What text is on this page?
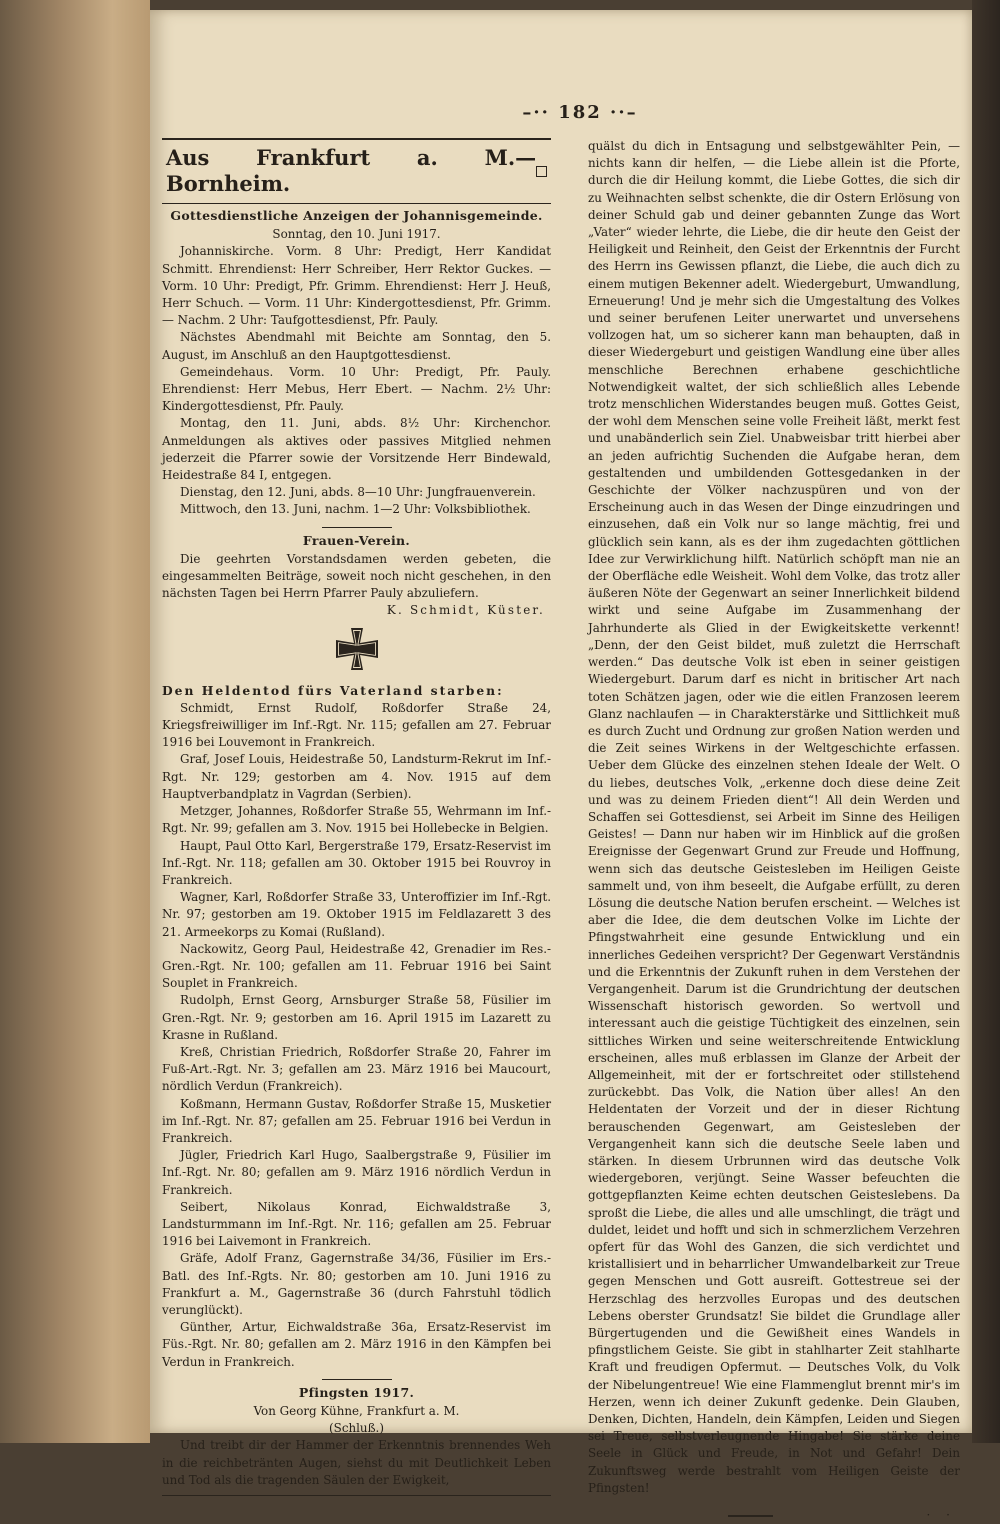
–·· 182 ··–
Aus Frankfurt a. M.—Bornheim.
Gottesdienstliche Anzeigen der Johannisgemeinde.

Sonntag, den 10. Juni 1917.

Johanniskirche. Vorm. 8 Uhr: Predigt, Herr Kandidat Schmitt. Ehrendienst: Herr Schreiber, Herr Rektor Guckes. — Vorm. 10 Uhr: Predigt, Pfr. Grimm. Ehrendienst: Herr J. Heuß, Herr Schuch. — Vorm. 11 Uhr: Kindergottesdienst, Pfr. Grimm. — Nachm. 2 Uhr: Taufgottesdienst, Pfr. Pauly.

Nächstes Abendmahl mit Beichte am Sonntag, den 5. August, im Anschluß an den Hauptgottesdienst.

Gemeindehaus. Vorm. 10 Uhr: Predigt, Pfr. Pauly. Ehrendienst: Herr Mebus, Herr Ebert. — Nachm. 2½ Uhr: Kindergottesdienst, Pfr. Pauly.

Montag, den 11. Juni, abds. 8½ Uhr: Kirchenchor. Anmeldungen als aktives oder passives Mitglied nehmen jederzeit die Pfarrer sowie der Vorsitzende Herr Bindewald, Heidestraße 84 I, entgegen.

Dienstag, den 12. Juni, abds. 8—10 Uhr: Jungfrauenverein.

Mittwoch, den 13. Juni, nachm. 1—2 Uhr: Volksbibliothek.

Frauen-Verein.

Die geehrten Vorstandsdamen werden gebeten, die eingesammelten Beiträge, soweit noch nicht geschehen, in den nächsten Tagen bei Herrn Pfarrer Pauly abzuliefern.

K. Schmidt, Küster.

Den Heldentod fürs Vaterland starben:

Schmidt, Ernst Rudolf, Roßdorfer Straße 24, Kriegsfreiwilliger im Inf.-Rgt. Nr. 115; gefallen am 27. Februar 1916 bei Louvemont in Frankreich.

Graf, Josef Louis, Heidestraße 50, Landsturm-Rekrut im Inf.-Rgt. Nr. 129; gestorben am 4. Nov. 1915 auf dem Hauptverbandplatz in Vagrdan (Serbien).

Metzger, Johannes, Roßdorfer Straße 55, Wehrmann im Inf.-Rgt. Nr. 99; gefallen am 3. Nov. 1915 bei Hollebecke in Belgien.

Haupt, Paul Otto Karl, Bergerstraße 179, Ersatz-Reservist im Inf.-Rgt. Nr. 118; gefallen am 30. Oktober 1915 bei Rouvroy in Frankreich.

Wagner, Karl, Roßdorfer Straße 33, Unteroffizier im Inf.-Rgt. Nr. 97; gestorben am 19. Oktober 1915 im Feldlazarett 3 des 21. Armeekorps zu Komai (Rußland).

Nackowitz, Georg Paul, Heidestraße 42, Grenadier im Res.-Gren.-Rgt. Nr. 100; gefallen am 11. Februar 1916 bei Saint Souplet in Frankreich.

Rudolph, Ernst Georg, Arnsburger Straße 58, Füsilier im Gren.-Rgt. Nr. 9; gestorben am 16. April 1915 im Lazarett zu Krasne in Rußland.

Kreß, Christian Friedrich, Roßdorfer Straße 20, Fahrer im Fuß-Art.-Rgt. Nr. 3; gefallen am 23. März 1916 bei Maucourt, nördlich Verdun (Frankreich).

Koßmann, Hermann Gustav, Roßdorfer Straße 15, Musketier im Inf.-Rgt. Nr. 87; gefallen am 25. Februar 1916 bei Verdun in Frankreich.

Jügler, Friedrich Karl Hugo, Saalbergstraße 9, Füsilier im Inf.-Rgt. Nr. 80; gefallen am 9. März 1916 nördlich Verdun in Frankreich.

Seibert, Nikolaus Konrad, Eichwaldstraße 3, Landsturmmann im Inf.-Rgt. Nr. 116; gefallen am 25. Februar 1916 bei Laivemont in Frankreich.

Gräfe, Adolf Franz, Gagernstraße 34/36, Füsilier im Ers.-Batl. des Inf.-Rgts. Nr. 80; gestorben am 10. Juni 1916 zu Frankfurt a. M., Gagernstraße 36 (durch Fahrstuhl tödlich verunglückt).

Günther, Artur, Eichwaldstraße 36a, Ersatz-Reservist im Füs.-Rgt. Nr. 80; gefallen am 2. März 1916 in den Kämpfen bei Verdun in Frankreich.

Pfingsten 1917.

Von Georg Kühne, Frankfurt a. M.

(Schluß.)

Und treibt dir der Hammer der Erkenntnis brennendes Weh in die reichbetränten Augen, siehst du mit Deutlichkeit Leben und Tod als die tragenden Säulen der Ewigkeit,

quälst du dich in Entsagung und selbstgewählter Pein, — nichts kann dir helfen, — die Liebe allein ist die Pforte, durch die dir Heilung kommt, die Liebe Gottes, die sich dir zu Weihnachten selbst schenkte, die dir Ostern Erlösung von deiner Schuld gab und deiner gebannten Zunge das Wort „Vater“ wieder lehrte, die Liebe, die dir heute den Geist der Heiligkeit und Reinheit, den Geist der Erkenntnis der Furcht des Herrn ins Gewissen pflanzt, die Liebe, die auch dich zu einem mutigen Bekenner adelt. Wiedergeburt, Umwandlung, Erneuerung! Und je mehr sich die Umgestaltung des Volkes und seiner berufenen Leiter unerwartet und unversehens vollzogen hat, um so sicherer kann man behaupten, daß in dieser Wiedergeburt und geistigen Wandlung eine über alles menschliche Berechnen erhabene geschichtliche Notwendigkeit waltet, der sich schließlich alles Lebende trotz menschlichen Widerstandes beugen muß. Gottes Geist, der wohl dem Menschen seine volle Freiheit läßt, merkt fest und unabänderlich sein Ziel. Unabweisbar tritt hierbei aber an jeden aufrichtig Suchenden die Aufgabe heran, dem gestaltenden und umbildenden Gottesgedanken in der Geschichte der Völker nachzuspüren und von der Erscheinung auch in das Wesen der Dinge einzudringen und einzusehen, daß ein Volk nur so lange mächtig, frei und glücklich sein kann, als es der ihm zugedachten göttlichen Idee zur Verwirklichung hilft. Natürlich schöpft man nie an der Oberfläche edle Weisheit. Wohl dem Volke, das trotz aller äußeren Nöte der Gegenwart an seiner Innerlichkeit bildend wirkt und seine Aufgabe im Zusammenhang der Jahrhunderte als Glied in der Ewigkeitskette verkennt! „Denn, der den Geist bildet, muß zuletzt die Herrschaft werden.“ Das deutsche Volk ist eben in seiner geistigen Wiedergeburt. Darum darf es nicht in britischer Art nach toten Schätzen jagen, oder wie die eitlen Franzosen leerem Glanz nachlaufen — in Charakterstärke und Sittlichkeit muß es durch Zucht und Ordnung zur großen Nation werden und die Zeit seines Wirkens in der Weltgeschichte erfassen. Ueber dem Glücke des einzelnen stehen Ideale der Welt. O du liebes, deutsches Volk, „erkenne doch diese deine Zeit und was zu deinem Frieden dient“! All dein Werden und Schaffen sei Gottesdienst, sei Arbeit im Sinne des Heiligen Geistes! — Dann nur haben wir im Hinblick auf die großen Ereignisse der Gegenwart Grund zur Freude und Hoffnung, wenn sich das deutsche Geistesleben im Heiligen Geiste sammelt und, von ihm beseelt, die Aufgabe erfüllt, zu deren Lösung die deutsche Nation berufen erscheint. — Welches ist aber die Idee, die dem deutschen Volke im Lichte der Pfingstwahrheit eine gesunde Entwicklung und ein innerliches Gedeihen verspricht? Der Gegenwart Verständnis und die Erkenntnis der Zukunft ruhen in dem Verstehen der Vergangenheit. Darum ist die Grundrichtung der deutschen Wissenschaft historisch geworden. So wertvoll und interessant auch die geistige Tüchtigkeit des einzelnen, sein sittliches Wirken und seine weiterschreitende Entwicklung erscheinen, alles muß erblassen im Glanze der Arbeit der Allgemeinheit, mit der er fortschreitet oder stillstehend zurückebbt. Das Volk, die Nation über alles! An den Heldentaten der Vorzeit und der in dieser Richtung berauschenden Gegenwart, am Geistesleben der Vergangenheit kann sich die deutsche Seele laben und stärken. In diesem Urbrunnen wird das deutsche Volk wiedergeboren, verjüngt. Seine Wasser befeuchten die gottgepflanzten Keime echten deutschen Geisteslebens. Da sproßt die Liebe, die alles und alle umschlingt, die trägt und duldet, leidet und hofft und sich in schmerzlichem Verzehren opfert für das Wohl des Ganzen, die sich verdichtet und kristallisiert und in beharrlicher Umwandelbarkeit zur Treue gegen Menschen und Gott ausreift. Gottestreue sei der Herzschlag des herzvolles Europas und des deutschen Lebens oberster Grundsatz! Sie bildet die Grundlage aller Bürgertugenden und die Gewißheit eines Wandels in pfingstlichem Geiste. Sie gibt in stahlharter Zeit stahlharte Kraft und freudigen Opfermut. — Deutsches Volk, du Volk der Nibelungentreue! Wie eine Flammenglut brennt mir's im Herzen, wenn ich deiner Zukunft gedenke. Dein Glauben, Denken, Dichten, Handeln, dein Kämpfen, Leiden und Siegen sei Treue, selbstverleugnende Hingabe! Sie stärke deine Seele in Glück und Freude, in Not und Gefahr! Dein Zukunftsweg werde bestrahlt vom Heiligen Geiste der Pfingsten!

· ·
